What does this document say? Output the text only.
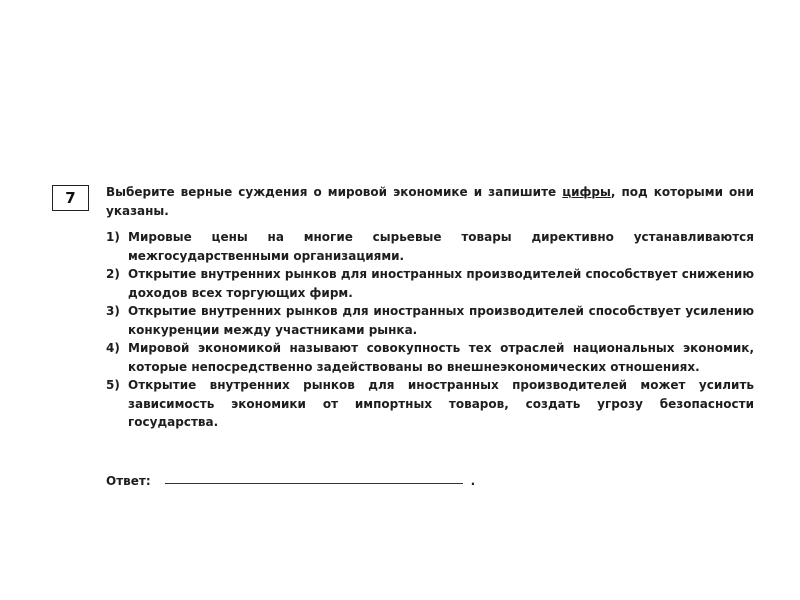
7	Выберите верные суждения о мировой экономике и запишите цифры, под которыми они указаны.

1) Мировые цены на многие сырьевые товары директивно устанавливаются межгосударственными организациями.
2) Открытие внутренних рынков для иностранных производителей способствует снижению доходов всех торгующих фирм.
3) Открытие внутренних рынков для иностранных производителей способствует усилению конкуренции между участниками рынка.
4) Мировой экономикой называют совокупность тех отраслей национальных экономик, которые непосредственно задействованы во внешнеэкономических отношениях.
5) Открытие внутренних рынков для иностранных производителей может усилить зависимость экономики от импортных товаров, создать угрозу безопасности государства.
Ответ:	.
